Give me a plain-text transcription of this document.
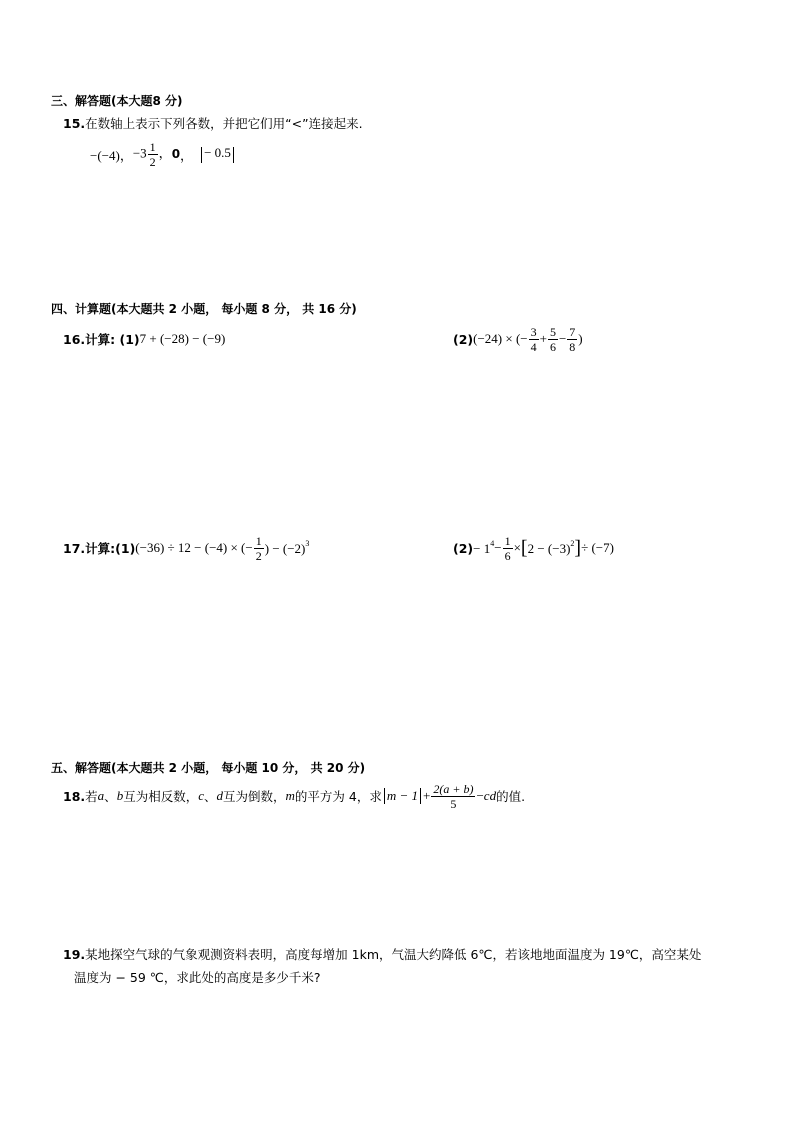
三、解答题(本大题8 分)
15.在数轴上表示下列各数，并把它们用“<”连接起来.
−(−4)， $-3 \frac{1}{2}$ ， 0 ， − 0.5
四、计算题(本大题共 2 小题， 每小题 8 分， 共 16 分)
16. 计算: (1) 7 + (−28) − (−9)	(2) (−24) × (− $\frac{3}{4} + \frac{5}{6} - \frac{7}{8}$ )
17. 计算:(1) (−36) ÷ 12 − (−4) × (− $\frac{1}{2}$ ) − $(-2)^3$	$(2) - 1^4 - \frac{1}{6}$ × [ $2 - (-3)^2$ ] ÷ (−7)
五、解答题(本大题共 2 小题， 每小题 10 分， 共 20 分)
18. 若 a 、 b 互为相反数， c 、 d 互为倒数， m 的平方为 4，求 $m - 1 + \frac{2(a + b)}{5}$ − cd 的值.
19.某地探空气球的气象观测资料表明，高度每增加 1km，气温大约降低 6℃，若该地地面温度为 19℃，高空某处
温度为 − 59 ℃，求此处的高度是多少千米?
